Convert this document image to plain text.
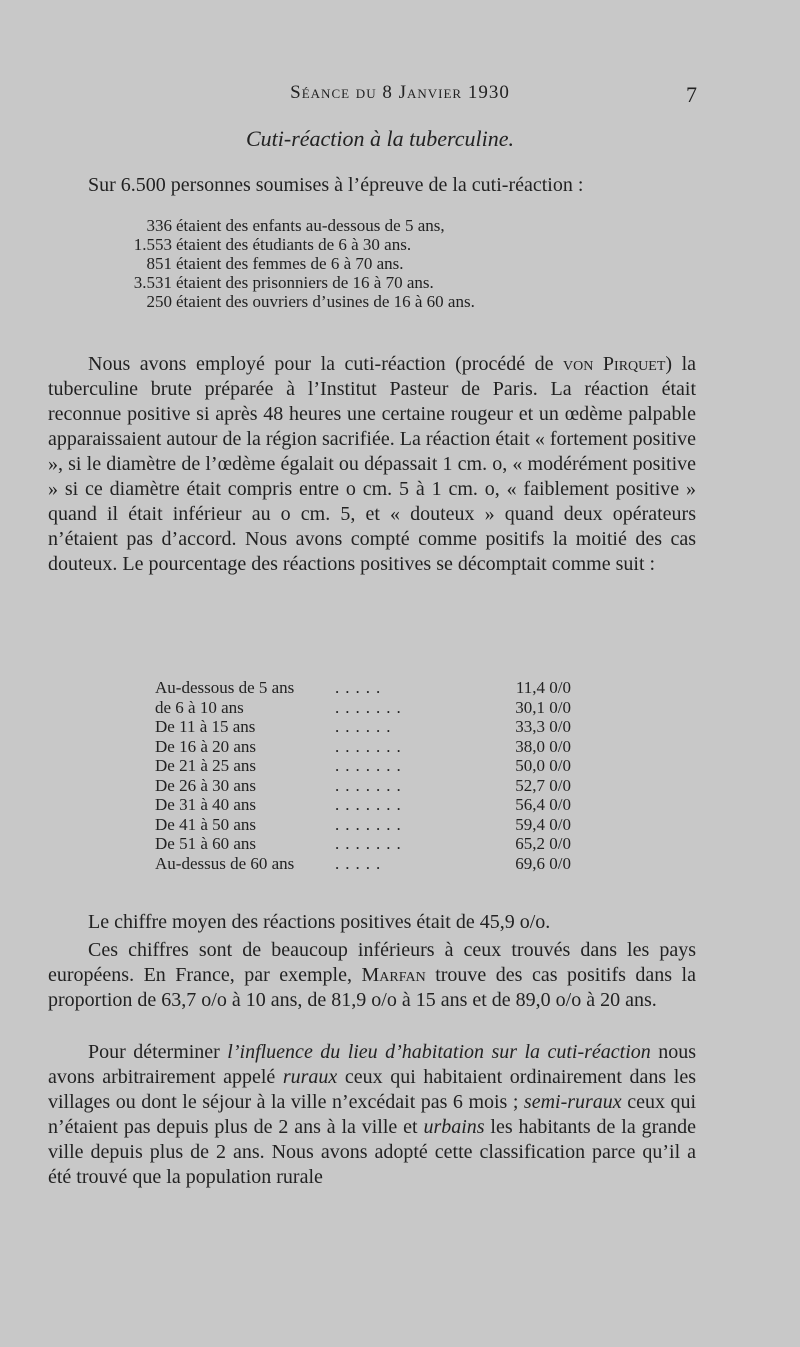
Séance du 8 Janvier 1930	7
Cuti-réaction à la tuberculine.
Sur 6.500 personnes soumises à l’épreuve de la cuti-réaction :
336 étaient des enfants au-dessous de 5 ans,
1.553 étaient des étudiants de 6 à 30 ans.
851 étaient des femmes de 6 à 70 ans.
3.531 étaient des prisonniers de 16 à 70 ans.
250 étaient des ouvriers d’usines de 16 à 60 ans.

Nous avons employé pour la cuti-réaction (procédé de von Pirquet) la tuberculine brute préparée à l’Institut Pasteur de Paris. La réaction était reconnue positive si après 48 heures une certaine rougeur et un œdème palpable apparaissaient autour de la région sacrifiée. La réaction était « fortement positive », si le diamètre de l’œdème égalait ou dépassait 1 cm. o, « modérément positive » si ce diamètre était compris entre o cm. 5 à 1 cm. o, « faiblement positive » quand il était inférieur au o cm. 5, et « douteux » quand deux opérateurs n’étaient pas d’accord. Nous avons compté comme positifs la moitié des cas douteux. Le pourcentage des réactions positives se décomptait comme suit :

Au-dessous de 5 ans	.....	11,4 0/0
de 6 à 10 ans	.......	30,1 0/0
De 11 à 15 ans	......	33,3 0/0
De 16 à 20 ans	.......	38,0 0/0
De 21 à 25 ans	.......	50,0 0/0
De 26 à 30 ans	.......	52,7 0/0
De 31 à 40 ans	.......	56,4 0/0
De 41 à 50 ans	.......	59,4 0/0
De 51 à 60 ans	.......	65,2 0/0
Au-dessus de 60 ans	.....	69,6 0/0

Le chiffre moyen des réactions positives était de 45,9 o/o.

Ces chiffres sont de beaucoup inférieurs à ceux trouvés dans les pays européens. En France, par exemple, Marfan trouve des cas positifs dans la proportion de 63,7 o/o à 10 ans, de 81,9 o/o à 15 ans et de 89,0 o/o à 20 ans.

Pour déterminer l’influence du lieu d’habitation sur la cuti-réaction nous avons arbitrairement appelé ruraux ceux qui habitaient ordinairement dans les villages ou dont le séjour à la ville n’excédait pas 6 mois ; semi-ruraux ceux qui n’étaient pas depuis plus de 2 ans à la ville et urbains les habitants de la grande ville depuis plus de 2 ans. Nous avons adopté cette classification parce qu’il a été trouvé que la population rurale
